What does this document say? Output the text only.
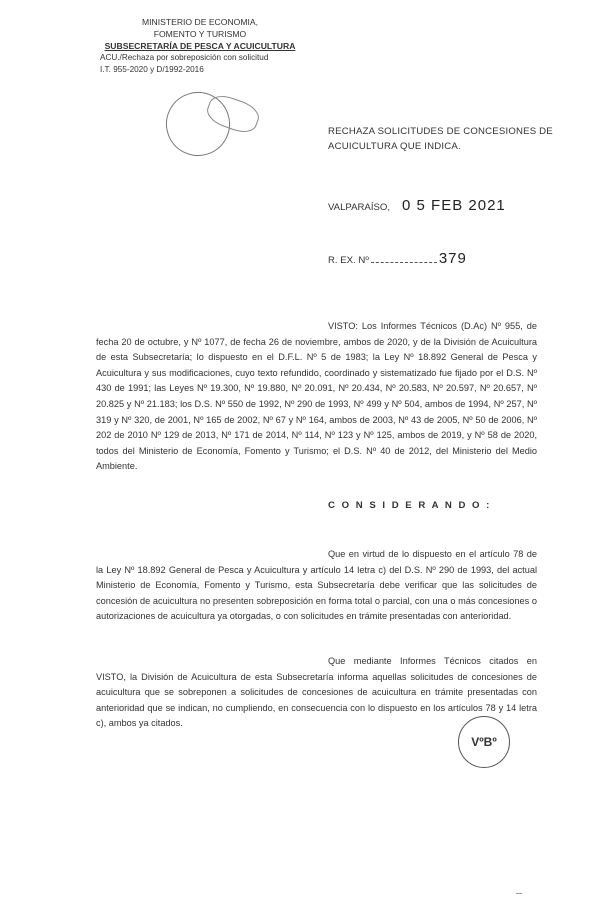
MINISTERIO DE ECONOMIA,
FOMENTO Y TURISMO
SUBSECRETARÍA DE PESCA Y ACUICULTURA
ACU./Rechaza por sobreposición con solicitud
I.T. 955-2020 y D/1992-2016
RECHAZA SOLICITUDES DE CONCESIONES DE ACUICULTURA QUE INDICA.
VALPARAÍSO, 0 5 FEB 2021
R. EX. Nº	379
VISTO: Los Informes Técnicos (D.Ac) Nº 955, de fecha 20 de octubre, y Nº 1077, de fecha 26 de noviembre, ambos de 2020, y de la División de Acuicultura de esta Subsecretaría; lo dispuesto en el D.F.L. Nº 5 de 1983; la Ley Nº 18.892 General de Pesca y Acuicultura y sus modificaciones, cuyo texto refundido, coordinado y sistematizado fue fijado por el D.S. Nº 430 de 1991; las Leyes Nº 19.300, Nº 19.880, Nº 20.091, Nº 20.434, Nº 20.583, Nº 20.597, Nº 20.657, Nº 20.825 y Nº 21.183; los D.S. Nº 550 de 1992, Nº 290 de 1993, Nº 499 y Nº 504, ambos de 1994, Nº 257, Nº 319 y Nº 320, de 2001, Nº 165 de 2002, Nº 67 y Nº 164, ambos de 2003, Nº 43 de 2005, Nº 50 de 2006, Nº 202 de 2010 Nº 129 de 2013, Nº 171 de 2014, Nº 114, Nº 123 y Nº 125, ambos de 2019, y Nº 58 de 2020, todos del Ministerio de Economía, Fomento y Turismo; el D.S. Nº 40 de 2012, del Ministerio del Medio Ambiente.
C O N S I D E R A N D O :
Que en virtud de lo dispuesto en el artículo 78 de la Ley Nº 18.892 General de Pesca y Acuicultura y artículo 14 letra c) del D.S. Nº 290 de 1993, del actual Ministerio de Economía, Fomento y Turismo, esta Subsecretaría debe verificar que las solicitudes de concesión de acuicultura no presenten sobreposición en forma total o parcial, con una o más concesiones o autorizaciones de acuicultura ya otorgadas, o con solicitudes en trámite presentadas con anterioridad.
Que mediante Informes Técnicos citados en VISTO, la División de Acuicultura de esta Subsecretaría informa aquellas solicitudes de concesiones de acuicultura que se sobreponen a solicitudes de concesiones de acuicultura en trámite presentadas con anterioridad que se indican, no cumpliendo, en consecuencia con lo dispuesto en los artículos 78 y 14 letra c), ambos ya citados.
VºBº
